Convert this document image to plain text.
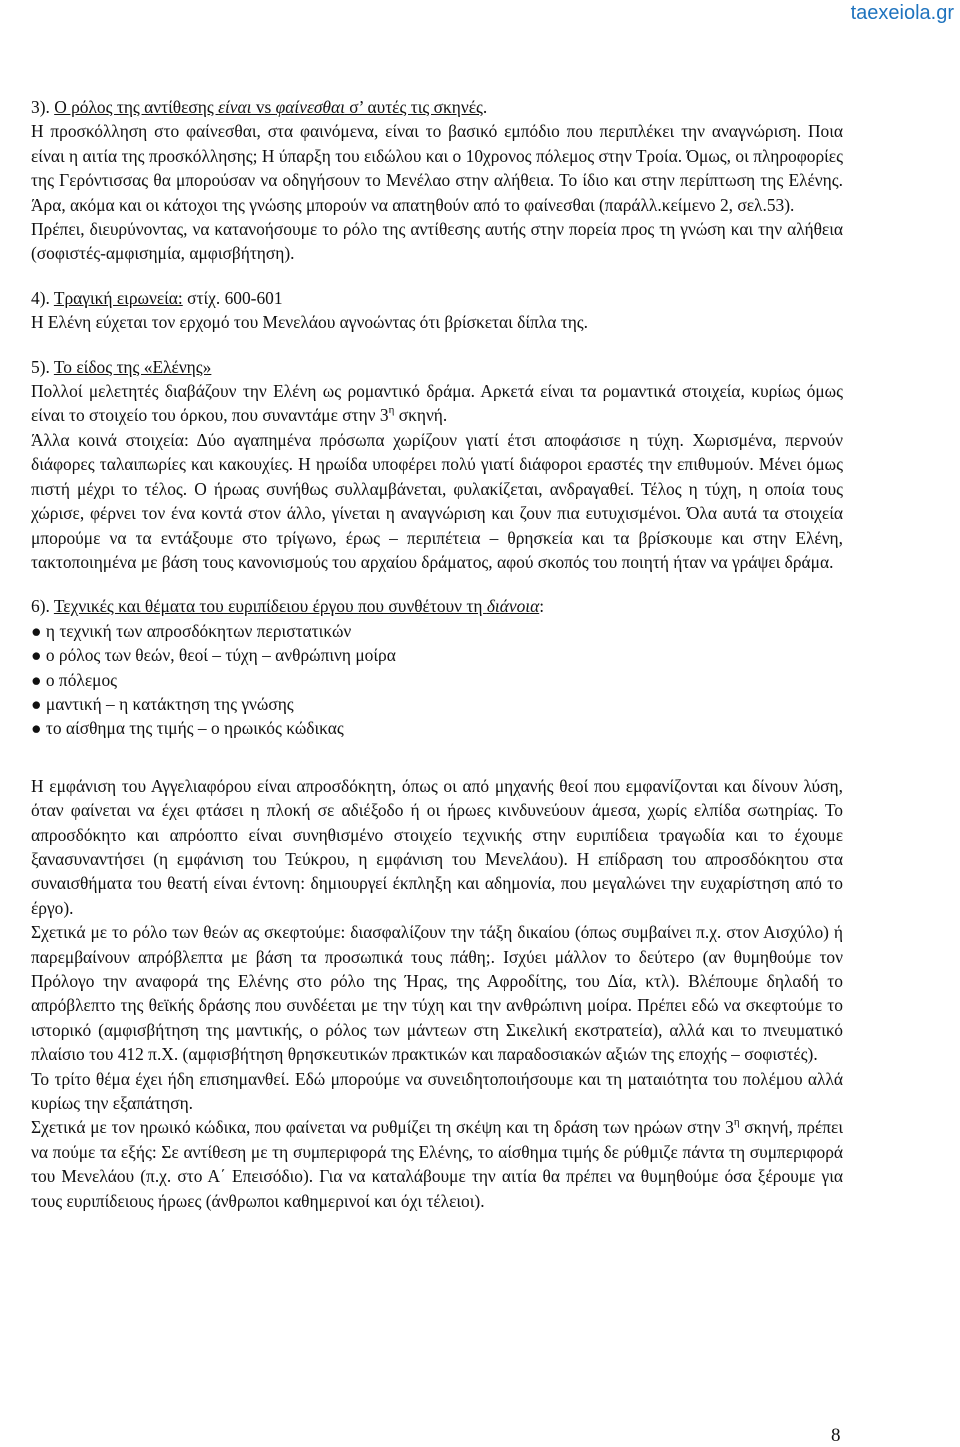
taexeiola.gr

3). Ο ρόλος της αντίθεσης είναι vs φαίνεσθαι σ’ αυτές τις σκηνές.

Η προσκόλληση στο φαίνεσθαι, στα φαινόμενα, είναι το βασικό εμπόδιο που περιπλέκει την αναγνώριση. Ποια είναι η αιτία της προσκόλλησης; Η ύπαρξη του ειδώλου και ο 10χρονος πόλεμος στην Τροία. Όμως, οι πληροφορίες της Γερόντισσας θα μπορούσαν να οδηγήσουν το Μενέλαο στην αλήθεια. Το ίδιο και στην περίπτωση της Ελένης. Άρα, ακόμα και οι κάτοχοι της γνώσης μπορούν να απατηθούν από το φαίνεσθαι (παράλλ.κείμενο 2, σελ.53).

Πρέπει, διευρύνοντας, να κατανοήσουμε το ρόλο της αντίθεσης αυτής στην πορεία προς τη γνώση και την αλήθεια (σοφιστές-αμφισημία, αμφισβήτηση).

4). Τραγική ειρωνεία: στίχ. 600-601

Η Ελένη εύχεται τον ερχομό του Μενελάου αγνοώντας ότι βρίσκεται δίπλα της.

5). Το είδος της «Ελένης»

Πολλοί μελετητές διαβάζουν την Ελένη ως ρομαντικό δράμα. Αρκετά είναι τα ρομαντικά στοιχεία, κυρίως όμως είναι το στοιχείο του όρκου, που συναντάμε στην $3^\eta$ σκηνή.

Άλλα κοινά στοιχεία: Δύο αγαπημένα πρόσωπα χωρίζουν γιατί έτσι αποφάσισε η τύχη. Χωρισμένα, περνούν διάφορες ταλαιπωρίες και κακουχίες. Η ηρωίδα υποφέρει πολύ γιατί διάφοροι εραστές την επιθυμούν. Μένει όμως πιστή μέχρι το τέλος. Ο ήρωας συνήθως συλλαμβάνεται, φυλακίζεται, ανδραγαθεί. Τέλος η τύχη, η οποία τους χώρισε, φέρνει τον ένα κοντά στον άλλο, γίνεται η αναγνώριση και ζουν πια ευτυχισμένοι. Όλα αυτά τα στοιχεία μπορούμε να τα εντάξουμε στο τρίγωνο, έρως – περιπέτεια – θρησκεία και τα βρίσκουμε και στην Ελένη, τακτοποιημένα με βάση τους κανονισμούς του αρχαίου δράματος, αφού σκοπός του ποιητή ήταν να γράψει δράμα.

6). Τεχνικές και θέματα του ευριπίδειου έργου που συνθέτουν τη διάνοια:

● η τεχνική των απροσδόκητων περιστατικών

● ο ρόλος των θεών, θεοί – τύχη – ανθρώπινη μοίρα

● ο πόλεμος

● μαντική – η κατάκτηση της γνώσης

● το αίσθημα της τιμής – ο ηρωικός κώδικας

Η εμφάνιση του Αγγελιαφόρου είναι απροσδόκητη, όπως οι από μηχανής θεοί που εμφανίζονται και δίνουν λύση, όταν φαίνεται να έχει φτάσει η πλοκή σε αδιέξοδο ή οι ήρωες κινδυνεύουν άμεσα, χωρίς ελπίδα σωτηρίας. Το απροσδόκητο και απρόοπτο είναι συνηθισμένο στοιχείο τεχνικής στην ευριπίδεια τραγωδία και το έχουμε ξανασυναντήσει (η εμφάνιση του Τεύκρου, η εμφάνιση του Μενελάου). Η επίδραση του απροσδόκητου στα συναισθήματα του θεατή είναι έντονη: δημιουργεί έκπληξη και αδημονία, που μεγαλώνει την ευχαρίστηση από το έργο).

Σχετικά με το ρόλο των θεών ας σκεφτούμε: διασφαλίζουν την τάξη δικαίου (όπως συμβαίνει π.χ. στον Αισχύλο) ή παρεμβαίνουν απρόβλεπτα με βάση τα προσωπικά τους πάθη;. Ισχύει μάλλον το δεύτερο (αν θυμηθούμε τον Πρόλογο την αναφορά της Ελένης στο ρόλο της Ήρας, της Αφροδίτης, του Δία, κτλ). Βλέπουμε δηλαδή το απρόβλεπτο της θεϊκής δράσης που συνδέεται με την τύχη και την ανθρώπινη μοίρα. Πρέπει εδώ να σκεφτούμε το ιστορικό (αμφισβήτηση της μαντικής, ο ρόλος των μάντεων στη Σικελική εκστρατεία), αλλά και το πνευματικό πλαίσιο του 412 π.Χ. (αμφισβήτηση θρησκευτικών πρακτικών και παραδοσιακών αξιών της εποχής – σοφιστές).

Το τρίτο θέμα έχει ήδη επισημανθεί. Εδώ μπορούμε να συνειδητοποιήσουμε και τη ματαιότητα του πολέμου αλλά κυρίως την εξαπάτηση.

Σχετικά με τον ηρωικό κώδικα, που φαίνεται να ρυθμίζει τη σκέψη και τη δράση των ηρώων στην $3^\eta$ σκηνή, πρέπει να πούμε τα εξής: Σε αντίθεση με τη συμπεριφορά της Ελένης, το αίσθημα τιμής δε ρύθμιζε πάντα τη συμπεριφορά του Μενελάου (π.χ. στο Α΄ Επεισόδιο). Για να καταλάβουμε την αιτία θα πρέπει να θυμηθούμε όσα ξέρουμε για τους ευριπίδειους ήρωες (άνθρωποι καθημερινοί και όχι τέλειοι).

8
